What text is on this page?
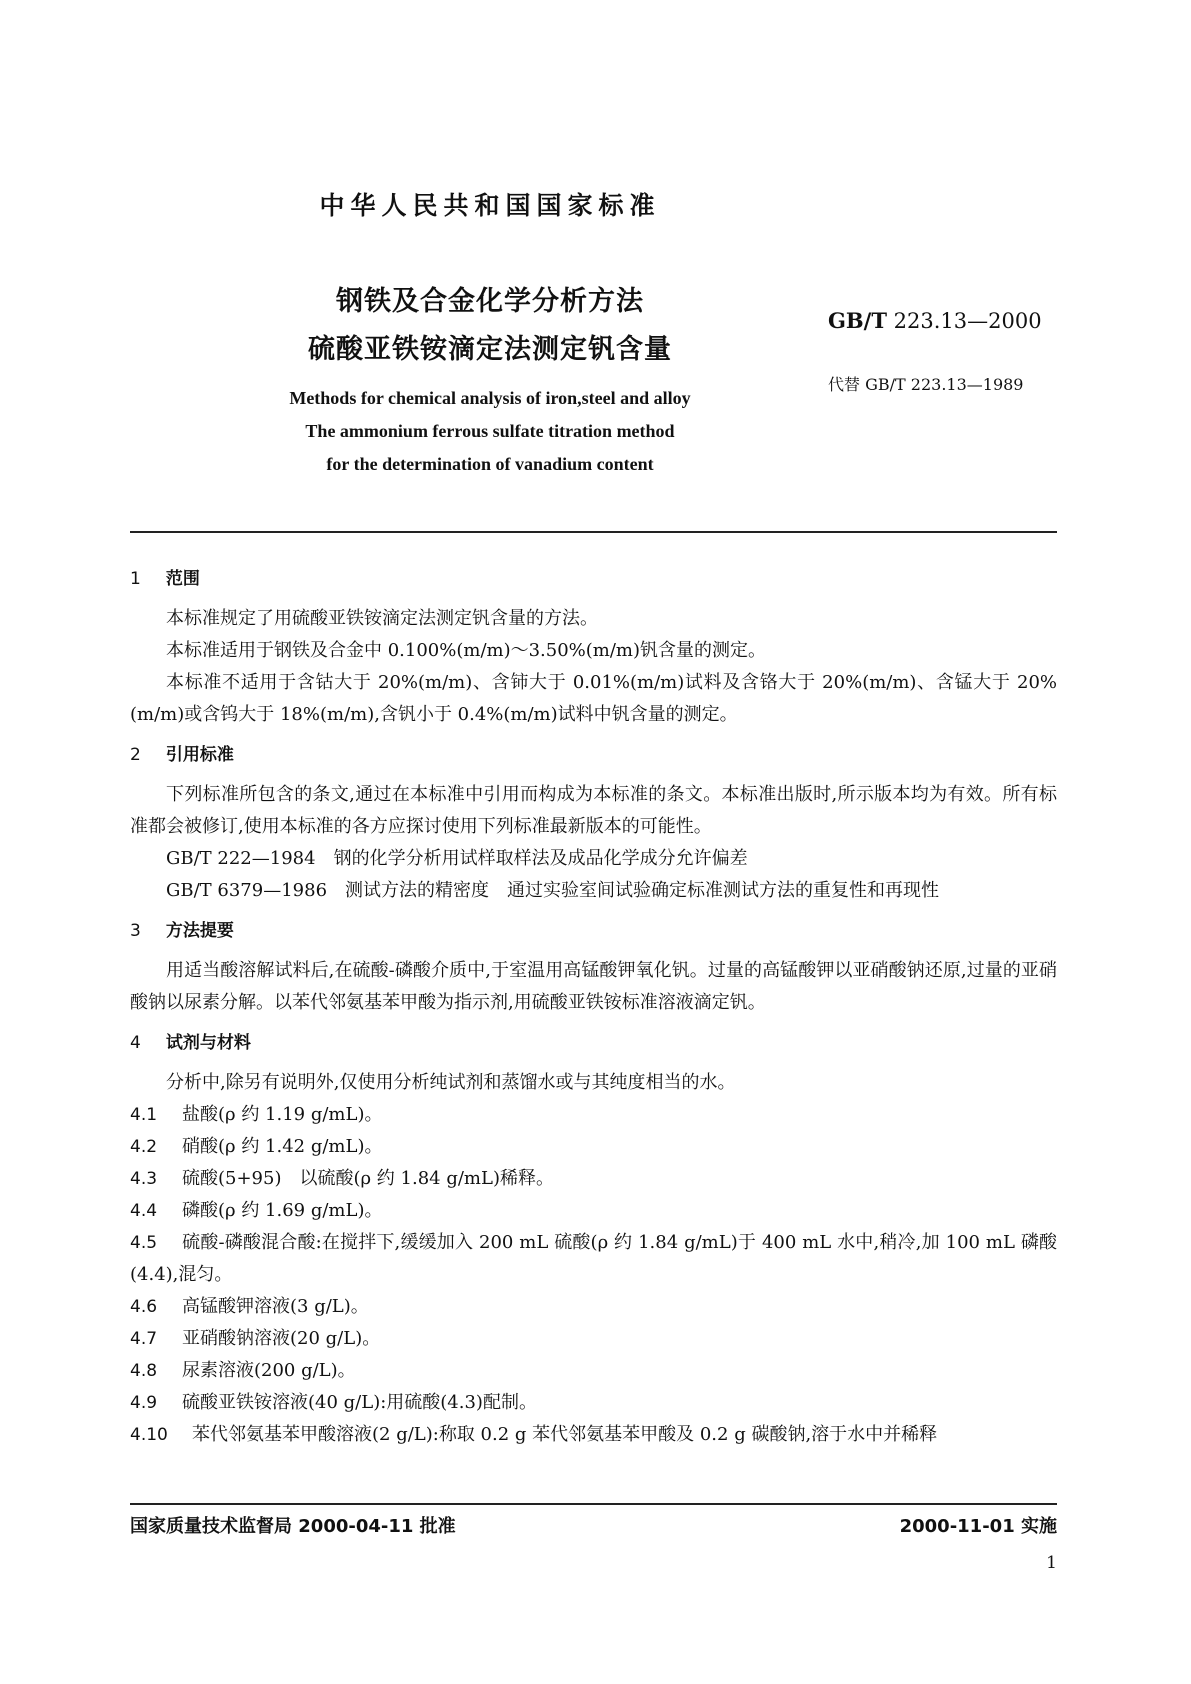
中华人民共和国国家标准
钢铁及合金化学分析方法
硫酸亚铁铵滴定法测定钒含量
GB/T 223.13—2000
代替 GB/T 223.13—1989
Methods for chemical analysis of iron,steel and alloy
The ammonium ferrous sulfate titration method
for the determination of vanadium content
1 范围

本标准规定了用硫酸亚铁铵滴定法测定钒含量的方法。

本标准适用于钢铁及合金中 0.100%(m/m)～3.50%(m/m)钒含量的测定。

本标准不适用于含钴大于 20%(m/m)、含铈大于 0.01%(m/m)试料及含铬大于 20%(m/m)、含锰大于 20%(m/m)或含钨大于 18%(m/m),含钒小于 0.4%(m/m)试料中钒含量的测定。

2 引用标准

下列标准所包含的条文,通过在本标准中引用而构成为本标准的条文。本标准出版时,所示版本均为有效。所有标准都会被修订,使用本标准的各方应探讨使用下列标准最新版本的可能性。

GB/T 222—1984 钢的化学分析用试样取样法及成品化学成分允许偏差

GB/T 6379—1986 测试方法的精密度　通过实验室间试验确定标准测试方法的重复性和再现性

3 方法提要

用适当酸溶解试料后,在硫酸-磷酸介质中,于室温用高锰酸钾氧化钒。过量的高锰酸钾以亚硝酸钠还原,过量的亚硝酸钠以尿素分解。以苯代邻氨基苯甲酸为指示剂,用硫酸亚铁铵标准溶液滴定钒。

4 试剂与材料

分析中,除另有说明外,仅使用分析纯试剂和蒸馏水或与其纯度相当的水。

4.1 盐酸(ρ 约 1.19 g/mL)。

4.2 硝酸(ρ 约 1.42 g/mL)。

4.3 硫酸(5+95)　以硫酸(ρ 约 1.84 g/mL)稀释。

4.4 磷酸(ρ 约 1.69 g/mL)。

4.5 硫酸-磷酸混合酸:在搅拌下,缓缓加入 200 mL 硫酸(ρ 约 1.84 g/mL)于 400 mL 水中,稍冷,加 100 mL 磷酸(4.4),混匀。

4.6 高锰酸钾溶液(3 g/L)。

4.7 亚硝酸钠溶液(20 g/L)。

4.8 尿素溶液(200 g/L)。

4.9 硫酸亚铁铵溶液(40 g/L):用硫酸(4.3)配制。

4.10 苯代邻氨基苯甲酸溶液(2 g/L):称取 0.2 g 苯代邻氨基苯甲酸及 0.2 g 碳酸钠,溶于水中并稀释

国家质量技术监督局 2000-04-11 批准	2000-11-01 实施
1
